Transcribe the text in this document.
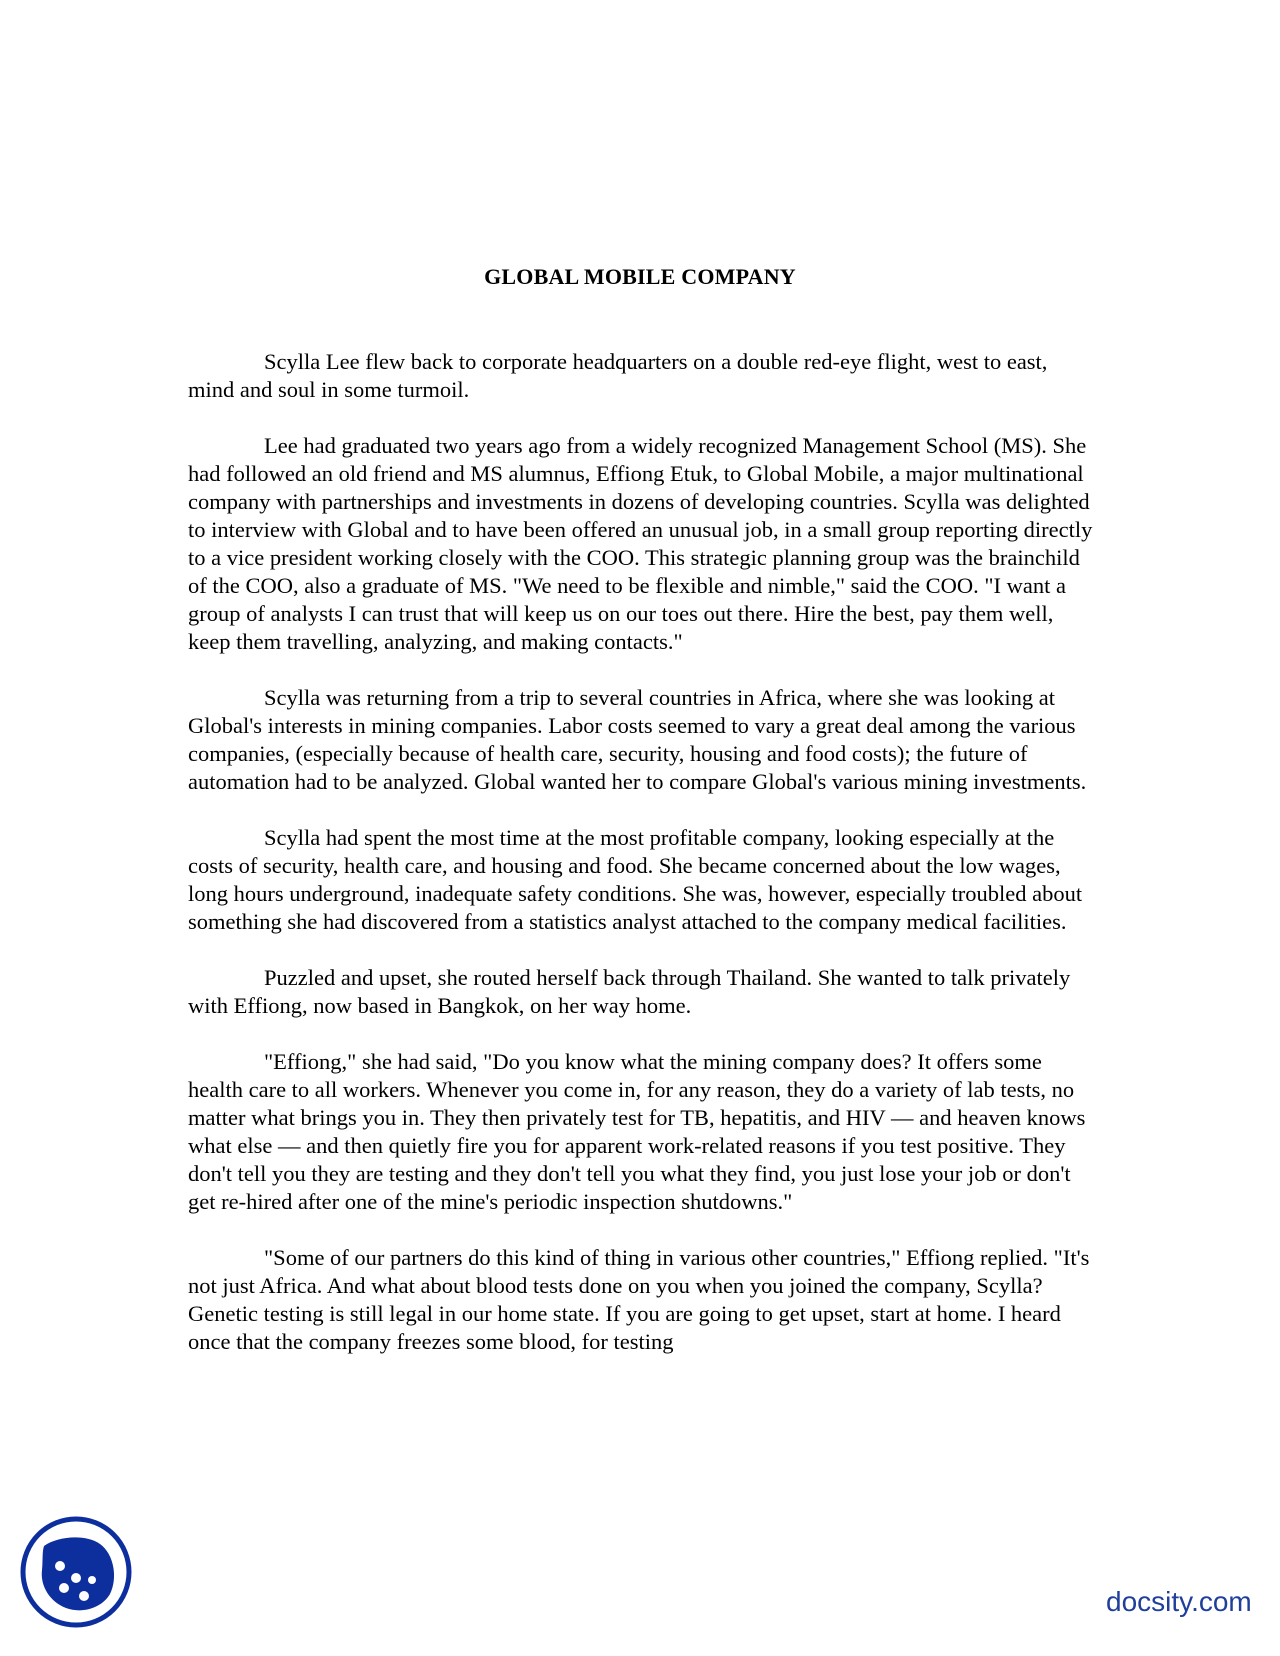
GLOBAL MOBILE COMPANY

Scylla Lee flew back to corporate headquarters on a double red-eye flight, west to east, mind and soul in some turmoil.

Lee had graduated two years ago from a widely recognized Management School (MS). She had followed an old friend and MS alumnus, Effiong Etuk, to Global Mobile, a major multinational company with partnerships and investments in dozens of developing countries. Scylla was delighted to interview with Global and to have been offered an unusual job, in a small group reporting directly to a vice president working closely with the COO. This strategic planning group was the brainchild of the COO, also a graduate of MS. "We need to be flexible and nimble," said the COO. "I want a group of analysts I can trust that will keep us on our toes out there. Hire the best, pay them well, keep them travelling, analyzing, and making contacts."

Scylla was returning from a trip to several countries in Africa, where she was looking at Global's interests in mining companies. Labor costs seemed to vary a great deal among the various companies, (especially because of health care, security, housing and food costs); the future of automation had to be analyzed. Global wanted her to compare Global's various mining investments.

Scylla had spent the most time at the most profitable company, looking especially at the costs of security, health care, and housing and food. She became concerned about the low wages, long hours underground, inadequate safety conditions. She was, however, especially troubled about something she had discovered from a statistics analyst attached to the company medical facilities.

Puzzled and upset, she routed herself back through Thailand. She wanted to talk privately with Effiong, now based in Bangkok, on her way home.

"Effiong," she had said, "Do you know what the mining company does? It offers some health care to all workers. Whenever you come in, for any reason, they do a variety of lab tests, no matter what brings you in. They then privately test for TB, hepatitis, and HIV — and heaven knows what else — and then quietly fire you for apparent work-related reasons if you test positive. They don't tell you they are testing and they don't tell you what they find, you just lose your job or don't get re-hired after one of the mine's periodic inspection shutdowns."

"Some of our partners do this kind of thing in various other countries," Effiong replied. "It's not just Africa. And what about blood tests done on you when you joined the company, Scylla? Genetic testing is still legal in our home state. If you are going to get upset, start at home. I heard once that the company freezes some blood, for testing

docsity.com
